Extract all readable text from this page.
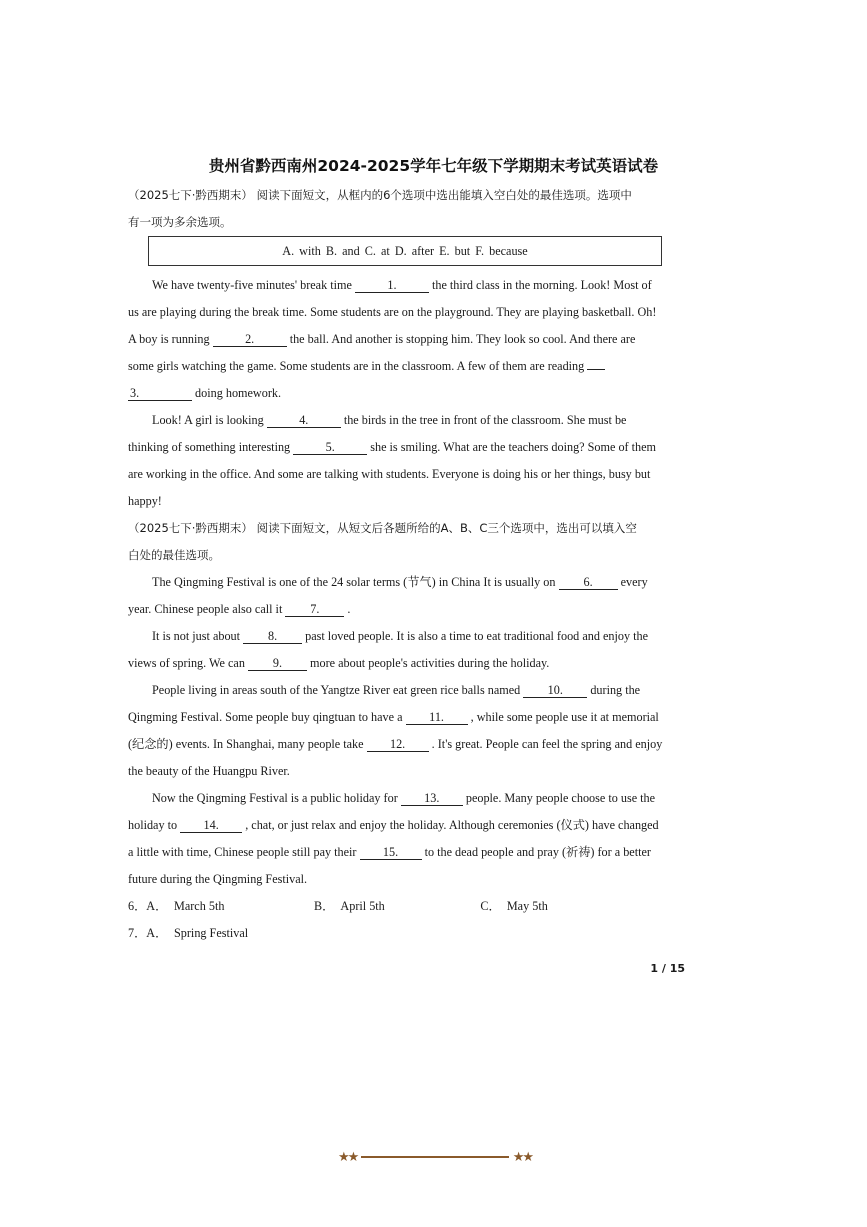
贵州省黔西南州2024-2025学年七年级下学期期末考试英语试卷
（2025七下·黔西期末） 阅读下面短文，从框内的6个选项中选出能填入空白处的最佳选项。选项中
有一项为多余选项。
A. with B. and C. at D. after E. but F. because
We have twenty-five minutes' break time	1.	the third class in the morning. Look! Most of
us are playing during the break time. Some students are on the playground. They are playing basketball. Oh!
A boy is running	2.	the ball. And another is stopping him. They look so cool. And there are
some girls watching the game. Some students are in the classroom. A few of them are reading
3.	doing homework.
Look! A girl is looking	4.	the birds in the tree in front of the classroom. She must be
thinking of something interesting	5.	she is smiling. What are the teachers doing? Some of them
are working in the office. And some are talking with students. Everyone is doing his or her things, busy but
happy!
（2025七下·黔西期末） 阅读下面短文，从短文后各题所给的A、B、C三个选项中，选出可以填入空
白处的最佳选项。
The Qingming Festival is one of the 24 solar terms (节气) in China It is usually on 6. every
year. Chinese people also call it 7. .
It is not just about 8. past loved people. It is also a time to eat traditional food and enjoy the
views of spring. We can 9. more about people's activities during the holiday.
People living in areas south of the Yangtze River eat green rice balls named 10. during the
Qingming Festival. Some people buy qingtuan to have a 11. , while some people use it at memorial
(纪念的) events. In Shanghai, many people take 12. . It's great. People can feel the spring and enjoy
the beauty of the Huangpu River.
Now the Qingming Festival is a public holiday for 13. people. Many people choose to use the
holiday to 14. , chat, or just relax and enjoy the holiday. Although ceremonies (仪式) have changed
a little with time, Chinese people still pay their 15. to the dead people and pray (祈祷) for a better
future during the Qingming Festival.
6．A． March 5th	B． April 5th	C． May 5th
7．A． Spring Festival
1 / 15
★★	★★
